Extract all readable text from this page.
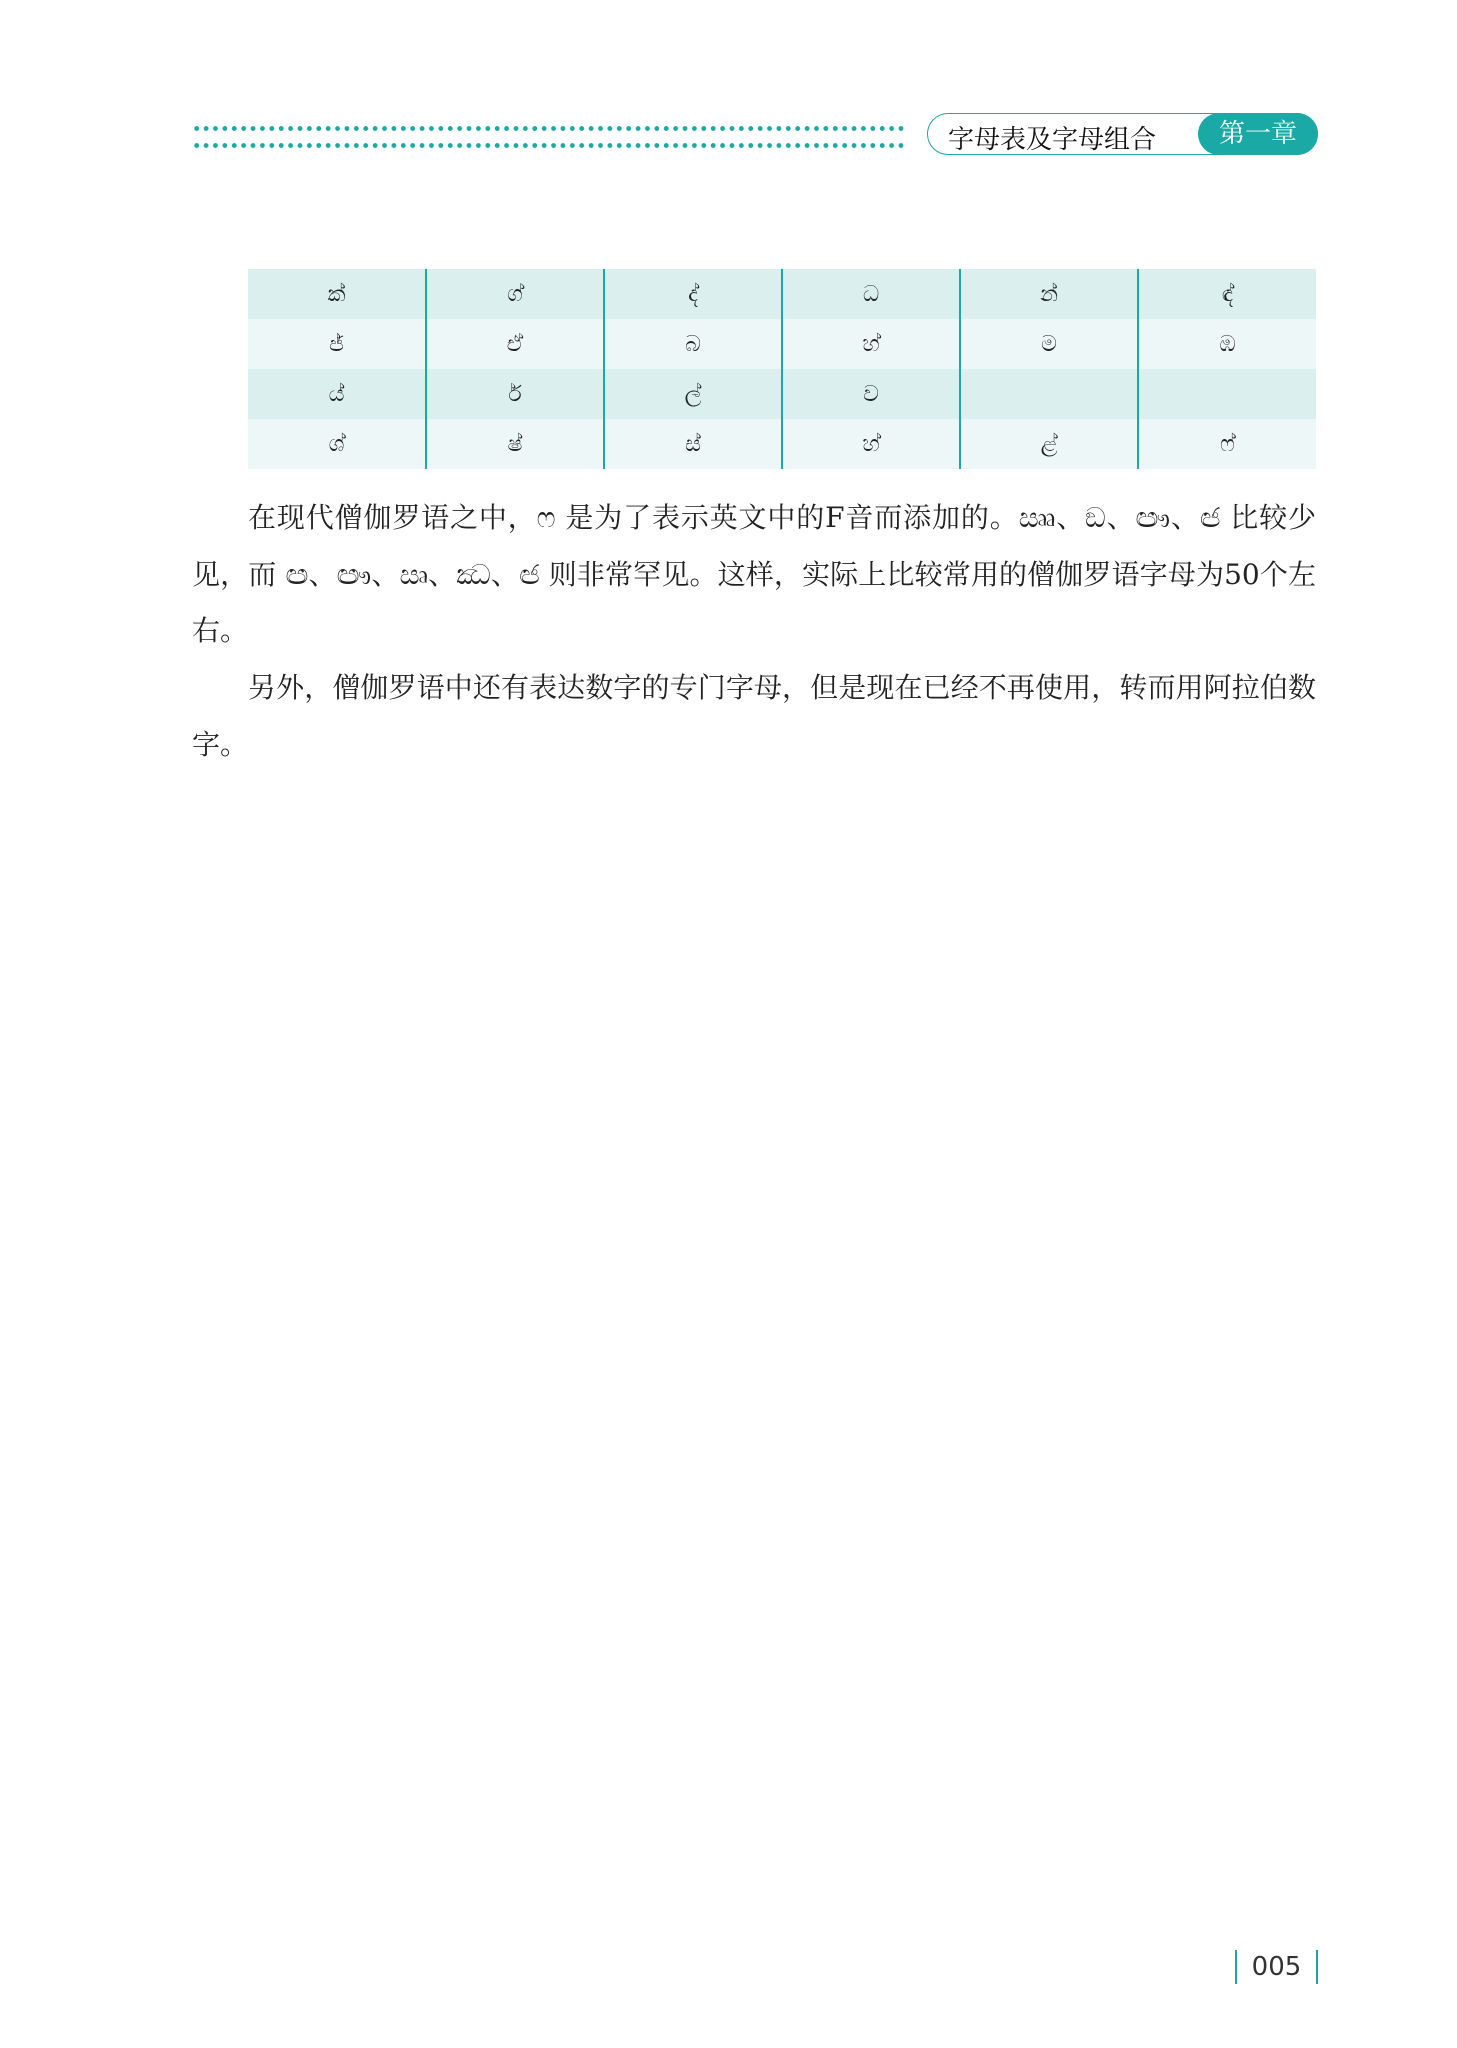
字母表及字母组合	第一章
ක්	ග්	ද්	ධ	න්	ඳ්
ජ්	ඒ	බ	හ්	ම	ඹ
ය්	ර්	ල්	ව		
ශ්	ෂ්	ස්	හ්	ළ්	ෆ්

在现代僧伽罗语之中，ෆ 是为了表示英文中的F音而添加的。ඎ、ඞ、ඐ、ඦ 比较少见，而 ඏ、ඐ、ඍ、ඣ、ඦ 则非常罕见。这样，实际上比较常用的僧伽罗语字母为50个左右。

另外，僧伽罗语中还有表达数字的专门字母，但是现在已经不再使用，转而用阿拉伯数字。

005
